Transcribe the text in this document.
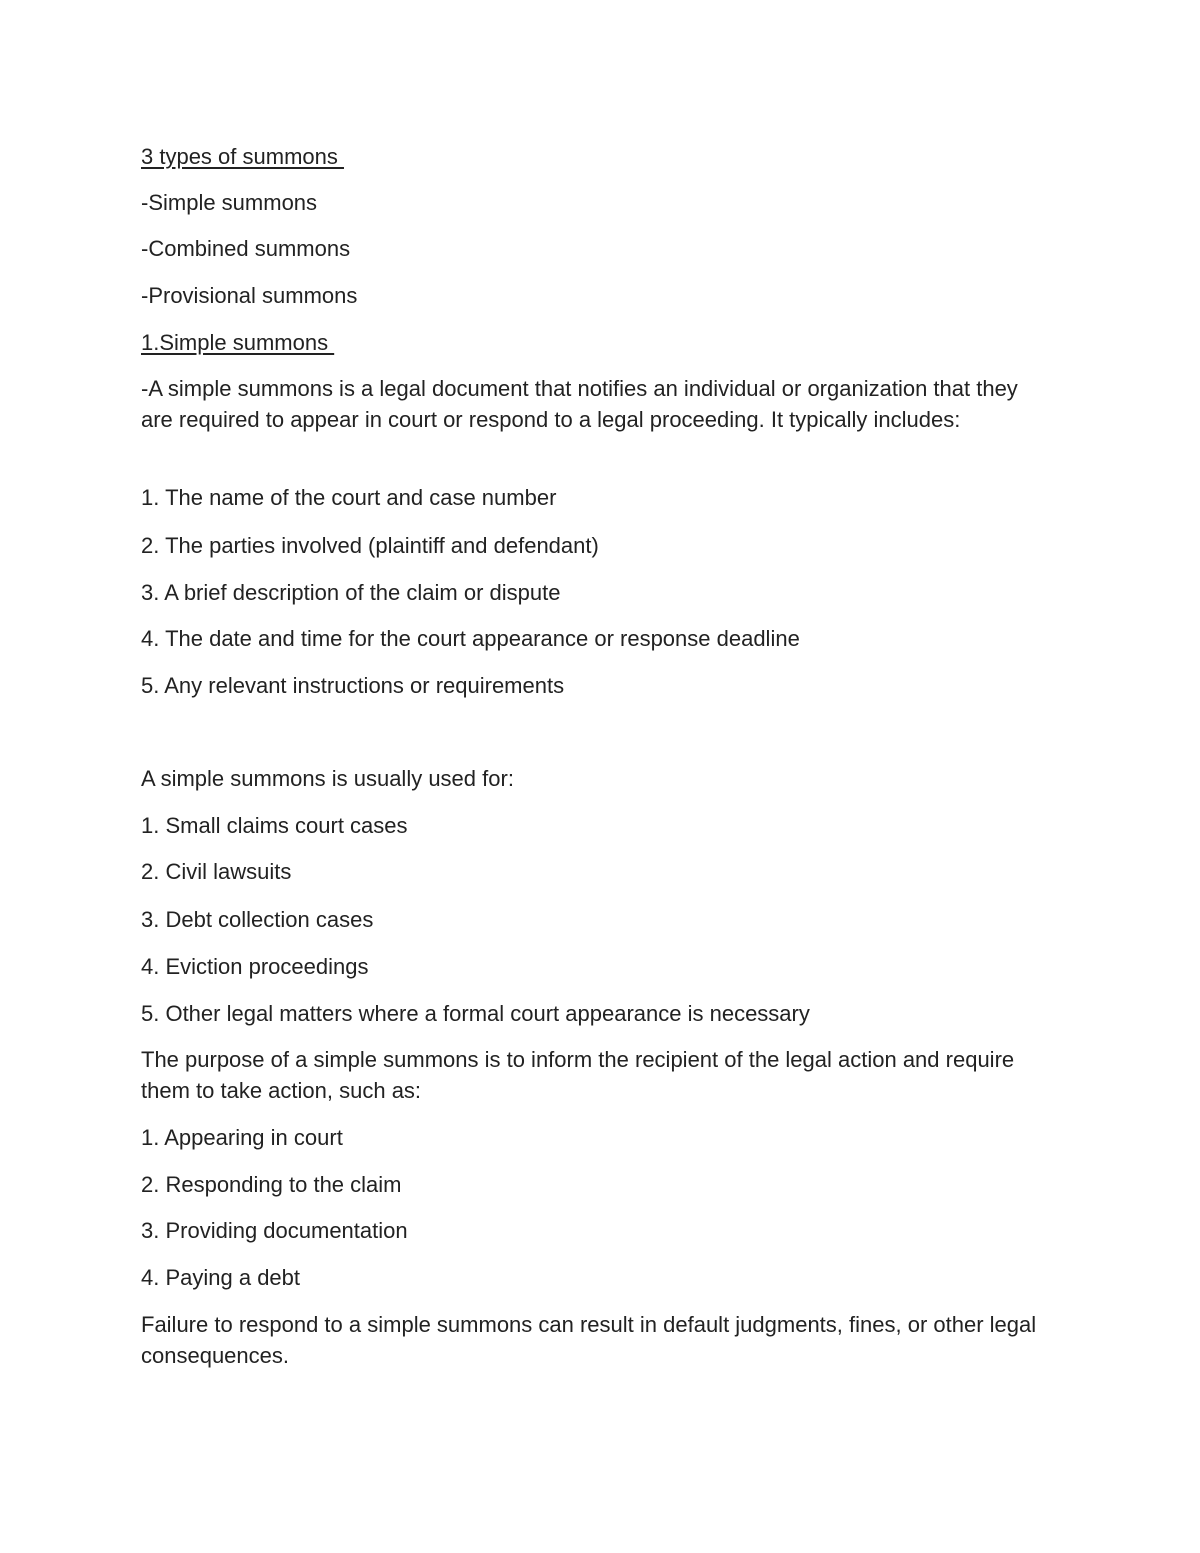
3 types of summons

-Simple summons

-Combined summons

-Provisional summons

1.Simple summons

-A simple summons is a legal document that notifies an individual or organization that they are required to appear in court or respond to a legal proceeding. It typically includes:

1. The name of the court and case number

2. The parties involved (plaintiff and defendant)

3. A brief description of the claim or dispute

4. The date and time for the court appearance or response deadline

5. Any relevant instructions or requirements

A simple summons is usually used for:

1. Small claims court cases

2. Civil lawsuits

3. Debt collection cases

4. Eviction proceedings

5. Other legal matters where a formal court appearance is necessary

The purpose of a simple summons is to inform the recipient of the legal action and require them to take action, such as:

1. Appearing in court

2. Responding to the claim

3. Providing documentation

4. Paying a debt

Failure to respond to a simple summons can result in default judgments, fines, or other legal consequences.
